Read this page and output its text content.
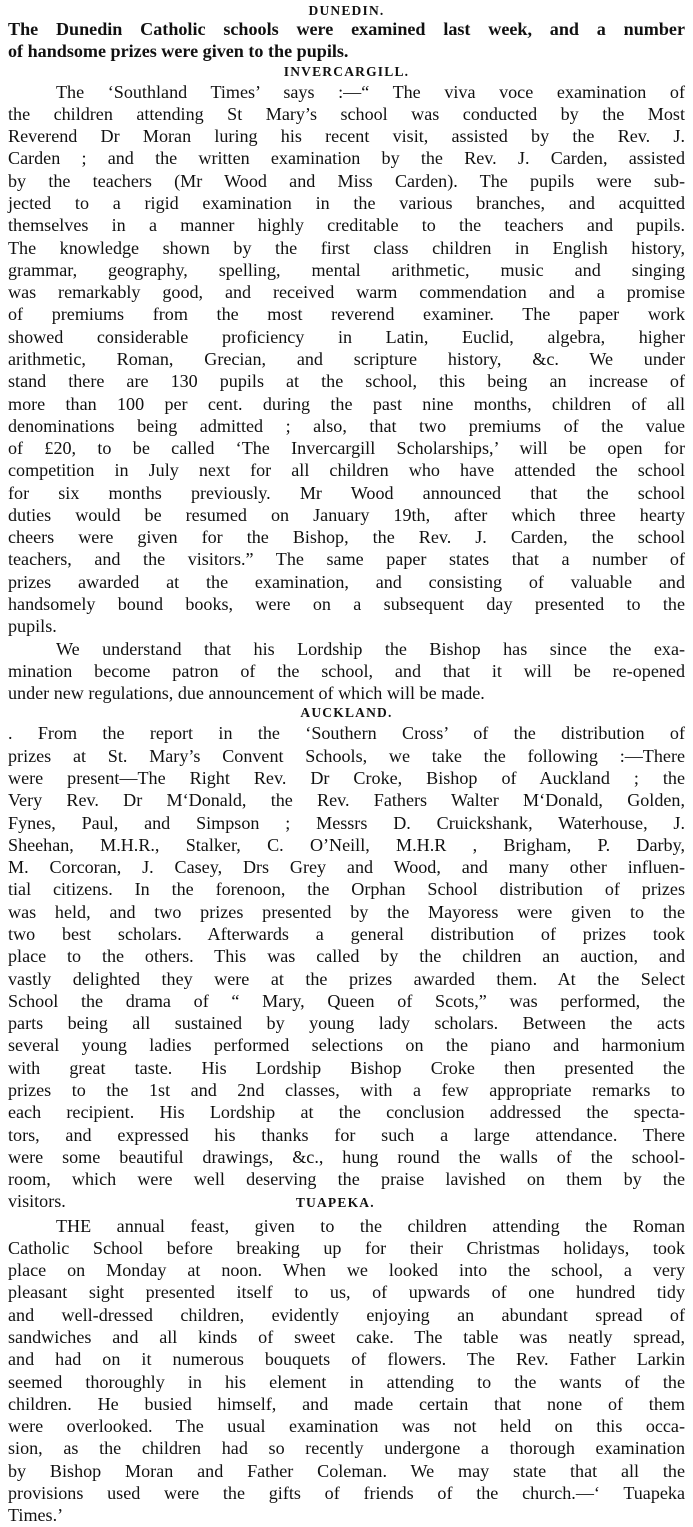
DUNEDIN.
The Dunedin Catholic schools were examined last week, and a number
of handsome prizes were given to the pupils.
INVERCARGILL.
The ‘Southland Times’ says :—“ The viva voce examination of
the children attending St Mary’s school was conducted by the Most
Reverend Dr Moran luring his recent visit, assisted by the Rev. J.
Carden ; and the written examination by the Rev. J. Carden, assisted
by the teachers (Mr Wood and Miss Carden). The pupils were sub-
jected to a rigid examination in the various branches, and acquitted
themselves in a manner highly creditable to the teachers and pupils.
The knowledge shown by the first class children in English history,
grammar, geography, spelling, mental arithmetic, music and singing
was remarkably good, and received warm commendation and a promise
of premiums from the most reverend examiner. The paper work
showed considerable proficiency in Latin, Euclid, algebra, higher
arithmetic, Roman, Grecian, and scripture history, &c. We under
stand there are 130 pupils at the school, this being an increase of
more than 100 per cent. during the past nine months, children of all
denominations being admitted ; also, that two premiums of the value
of £20, to be called ‘The Invercargill Scholarships,’ will be open for
competition in July next for all children who have attended the school
for six months previously. Mr Wood announced that the school
duties would be resumed on January 19th, after which three hearty
cheers were given for the Bishop, the Rev. J. Carden, the school
teachers, and the visitors.” The same paper states that a number of
prizes awarded at the examination, and consisting of valuable and
handsomely bound books, were on a subsequent day presented to the
pupils.
We understand that his Lordship the Bishop has since the exa-
mination become patron of the school, and that it will be re-opened
under new regulations, due announcement of which will be made.
AUCKLAND.
. From the report in the ‘Southern Cross’ of the distribution of
prizes at St. Mary’s Convent Schools, we take the following :—There
were present—The Right Rev. Dr Croke, Bishop of Auckland ; the
Very Rev. Dr M‘Donald, the Rev. Fathers Walter M‘Donald, Golden,
Fynes, Paul, and Simpson ; Messrs D. Cruickshank, Waterhouse, J.
Sheehan, M.H.R., Stalker, C. O’Neill, M.H.R , Brigham, P. Darby,
M. Corcoran, J. Casey, Drs Grey and Wood, and many other influen-
tial citizens. In the forenoon, the Orphan School distribution of prizes
was held, and two prizes presented by the Mayoress were given to the
two best scholars. Afterwards a general distribution of prizes took
place to the others. This was called by the children an auction, and
vastly delighted they were at the prizes awarded them. At the Select
School the drama of “ Mary, Queen of Scots,” was performed, the
parts being all sustained by young lady scholars. Between the acts
several young ladies performed selections on the piano and harmonium
with great taste. His Lordship Bishop Croke then presented the
prizes to the 1st and 2nd classes, with a few appropriate remarks to
each recipient. His Lordship at the conclusion addressed the specta-
tors, and expressed his thanks for such a large attendance. There
were some beautiful drawings, &c., hung round the walls of the school-
room, which were well deserving the praise lavished on them by the
visitors.	TUAPEKA.
THE annual feast, given to the children attending the Roman
Catholic School before breaking up for their Christmas holidays, took
place on Monday at noon. When we looked into the school, a very
pleasant sight presented itself to us, of upwards of one hundred tidy
and well-dressed children, evidently enjoying an abundant spread of
sandwiches and all kinds of sweet cake. The table was neatly spread,
and had on it numerous bouquets of flowers. The Rev. Father Larkin
seemed thoroughly in his element in attending to the wants of the
children. He busied himself, and made certain that none of them
were overlooked. The usual examination was not held on this occa-
sion, as the children had so recently undergone a thorough examination
by Bishop Moran and Father Coleman. We may state that all the
provisions used were the gifts of friends of the church.—‘ Tuapeka
Times.’
